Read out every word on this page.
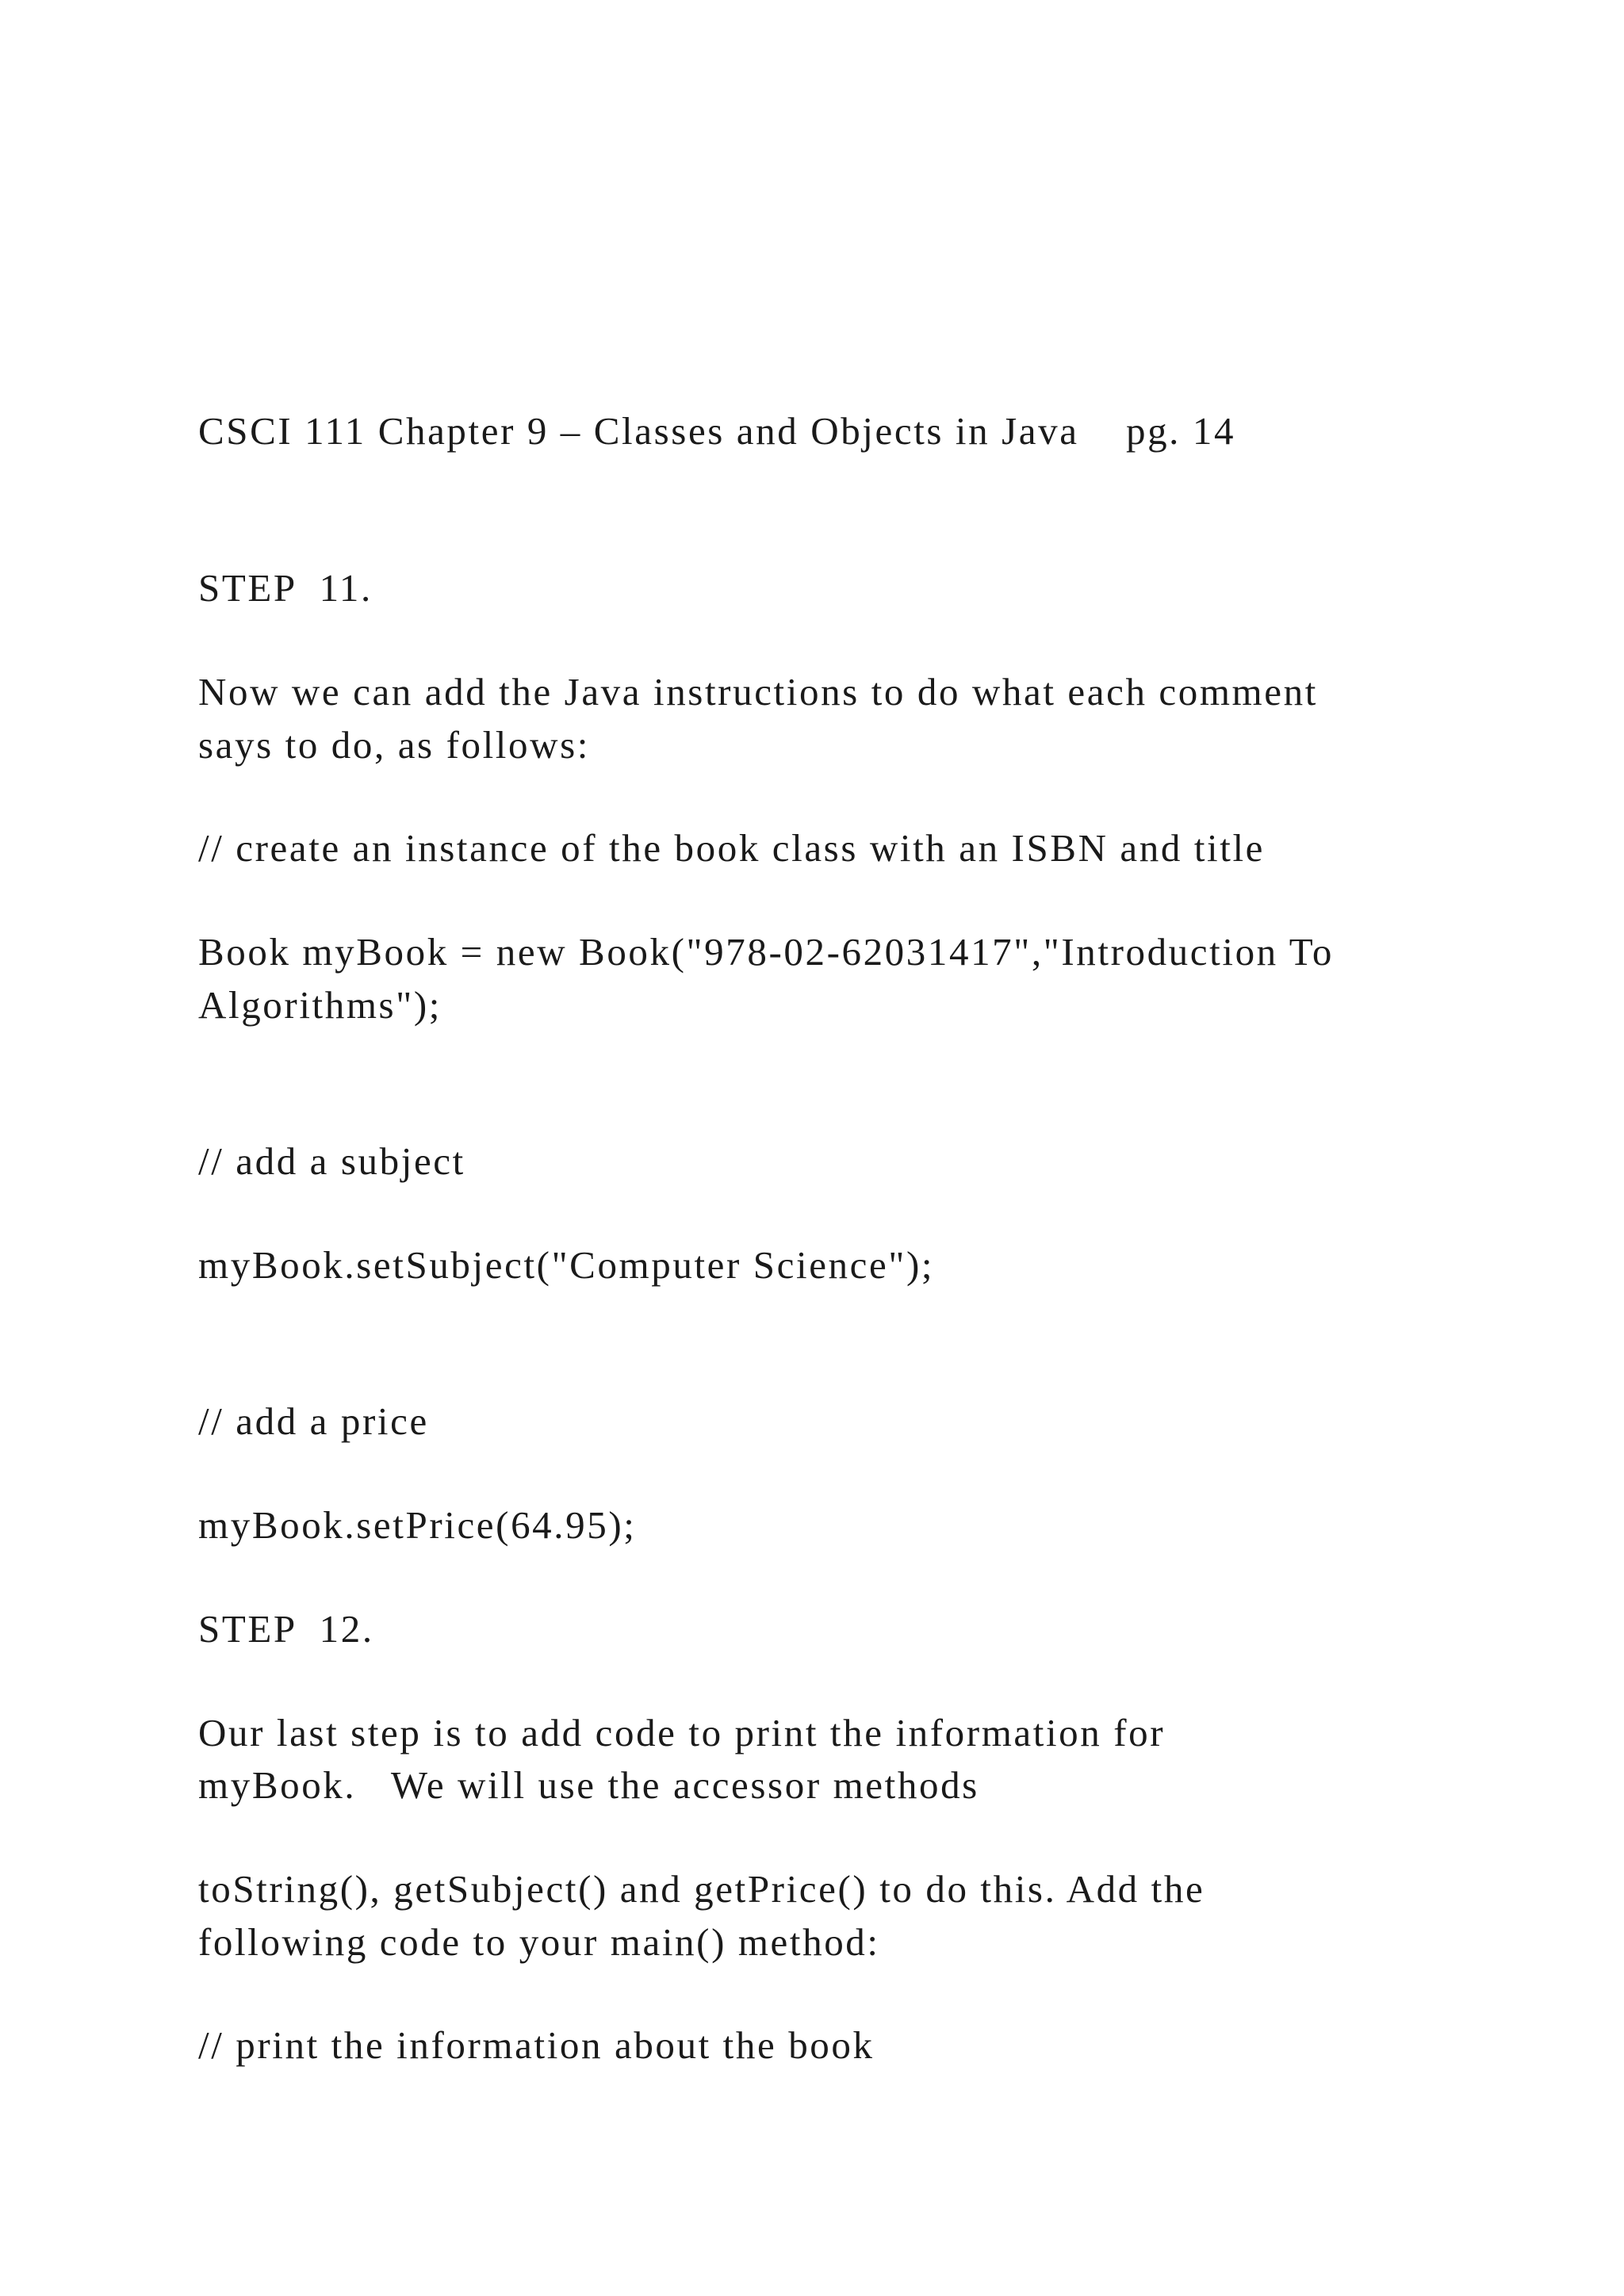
CSCI 111 Chapter 9 – Classes and Objects in Java    pg. 14
STEP  11.
Now we can add the Java instructions to do what each comment
says to do, as follows:
// create an instance of the book class with an ISBN and title
Book myBook = new Book("978-02-62031417","Introduction To
Algorithms");
// add a subject
myBook.setSubject("Computer Science");
// add a price
myBook.setPrice(64.95);
STEP  12.
Our last step is to add code to print the information for
myBook.   We will use the accessor methods
toString(), getSubject() and getPrice() to do this. Add the
following code to your main() method:
// print the information about the book
